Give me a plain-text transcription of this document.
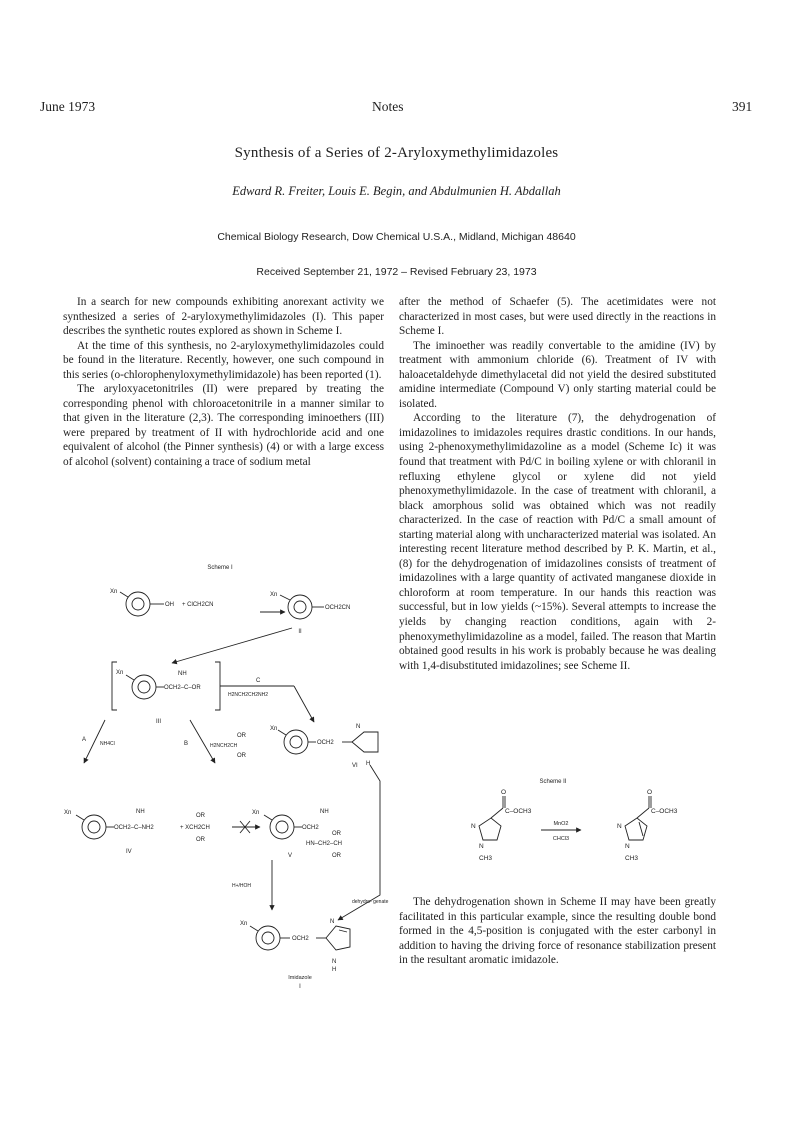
June 1973	Notes	391
Synthesis of a Series of 2-Aryloxymethylimidazoles
Edward R. Freiter, Louis E. Begin, and Abdulmunien H. Abdallah
Chemical Biology Research, Dow Chemical U.S.A., Midland, Michigan 48640
Received September 21, 1972 – Revised February 23, 1973

In a search for new compounds exhibiting anorexant activity we synthesized a series of 2-aryloxymethylimidazoles (I). This paper describes the synthetic routes explored as shown in Scheme I.

At the time of this synthesis, no 2-aryloxymethylimidazoles could be found in the literature. Recently, however, one such compound in this series (o-chlorophenyloxymethylimidazole) has been reported (1).

The aryloxyacetonitriles (II) were prepared by treating the corresponding phenol with chloroacetonitrile in a manner similar to that given in the literature (2,3). The corresponding iminoethers (III) were prepared by treatment of II with hydrochloride acid and one equivalent of alcohol (the Pinner synthesis) (4) or with a large excess of alcohol (solvent) containing a trace of sodium metal

after the method of Schaefer (5). The acetimidates were not characterized in most cases, but were used directly in the reactions in Scheme I.

The iminoether was readily convertable to the amidine (IV) by treatment with ammonium chloride (6). Treatment of IV with haloacetaldehyde dimethylacetal did not yield the desired substituted amidine intermediate (Compound V) only starting material could be isolated.

According to the literature (7), the dehydrogenation of imidazolines to imidazoles requires drastic conditions. In our hands, using 2-phenoxymethylimidazoline as a model (Scheme Ic) it was found that treatment with Pd/C in boiling xylene or with chloranil in refluxing ethylene glycol or xylene did not yield phenoxymethylimidazole. In the case of treatment with chloranil, a black amorphous solid was obtained which was not readily characterized. In the case of reaction with Pd/C a small amount of starting material along with uncharacterized material was isolated. An interesting recent literature method described by P. K. Martin, et al., (8) for the dehydrogenation of imidazolines consists of treatment of imidazolines with a large quantity of activated manganese dioxide in chloroform at room temperature. In our hands this reaction was successful, but in low yields (~15%). Several attempts to increase the yields by changing reaction conditions, again with 2-phenoxymethylimidazoline as a model, failed. The reason that Martin obtained good results in his work is probably because he was dealing with 1,4-disubstituted imidazolines; see Scheme II.

The dehydrogenation shown in Scheme II may have been greatly facilitated in this particular example, since the resulting double bond formed in the 4,5-position is conjugated with the ester carbonyl in addition to having the driving force of resonance stabilization present in the resultant aromatic imidazole.

Scheme I
Xn
OH + ClCH2CN
Xn
OCH2CN
II
Xn	NH
OCH2–C–OR
III
C
H2NCH2CH2NH2
A
NH4Cl	B
OR
H2NCH2CH
OR
Xn
OCH2
N
VI H
Xn	NH
OCH2–C–NH2
OR
+ XCH2CH
OR
IV
Xn	NH
OCH2
OR
HN–CH2–CH
OR
V
H+/HOH
dehydro- genate
Xn
OCH2
N
N
H
Imidazole
I
Scheme II
O
C–OCH3
N
N
CH3
MnO2
CHCl3
O
C–OCH3
N
N
CH3
